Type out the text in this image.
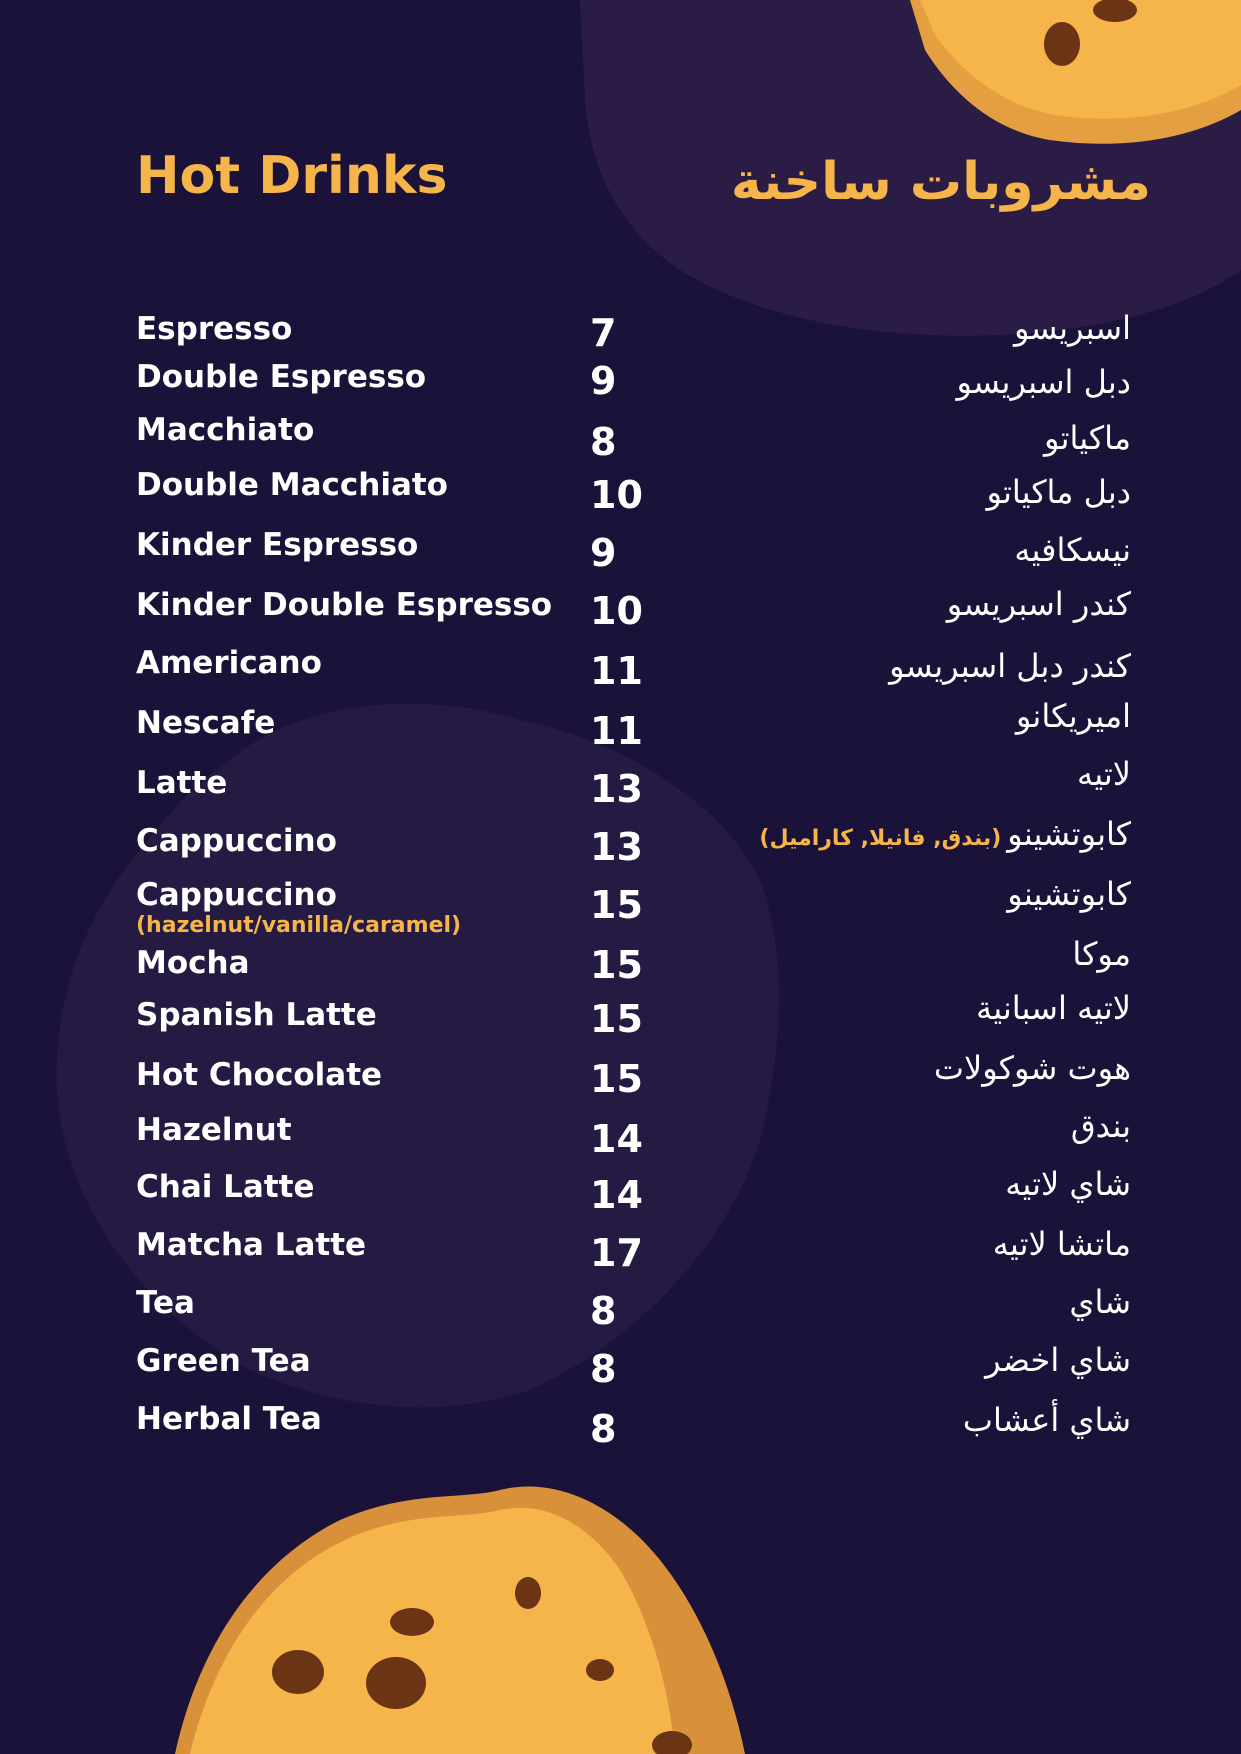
Hot Drinks	مشروبات ساخنة
Espresso	7	اسبريسو
Double Espresso	9	دبل اسبريسو
Macchiato	8	ماكياتو
Double Macchiato	10	دبل ماكياتو
Kinder Espresso	9	نيسكافيه
Kinder Double Espresso 10	كندر اسبريسو
Americano	11	كندر دبل اسبريسو
Nescafe	11	اميريكانو
Latte	13	لاتيه
Cappuccino	13	كابوتشينو(بندق, فانيلا, كاراميل)
Cappuccino
(hazelnut/vanilla/caramel)	15	كابوتشينو
Mocha	15	موكا
Spanish Latte	15	لاتيه اسبانية
Hot Chocolate	15	هوت شوكولات
Hazelnut	14	بندق
Chai Latte	14	شاي لاتيه
Matcha Latte	17	ماتشا لاتيه
Tea	8	شاي
Green Tea	8	شاي اخضر
Herbal Tea	8	شاي أعشاب
